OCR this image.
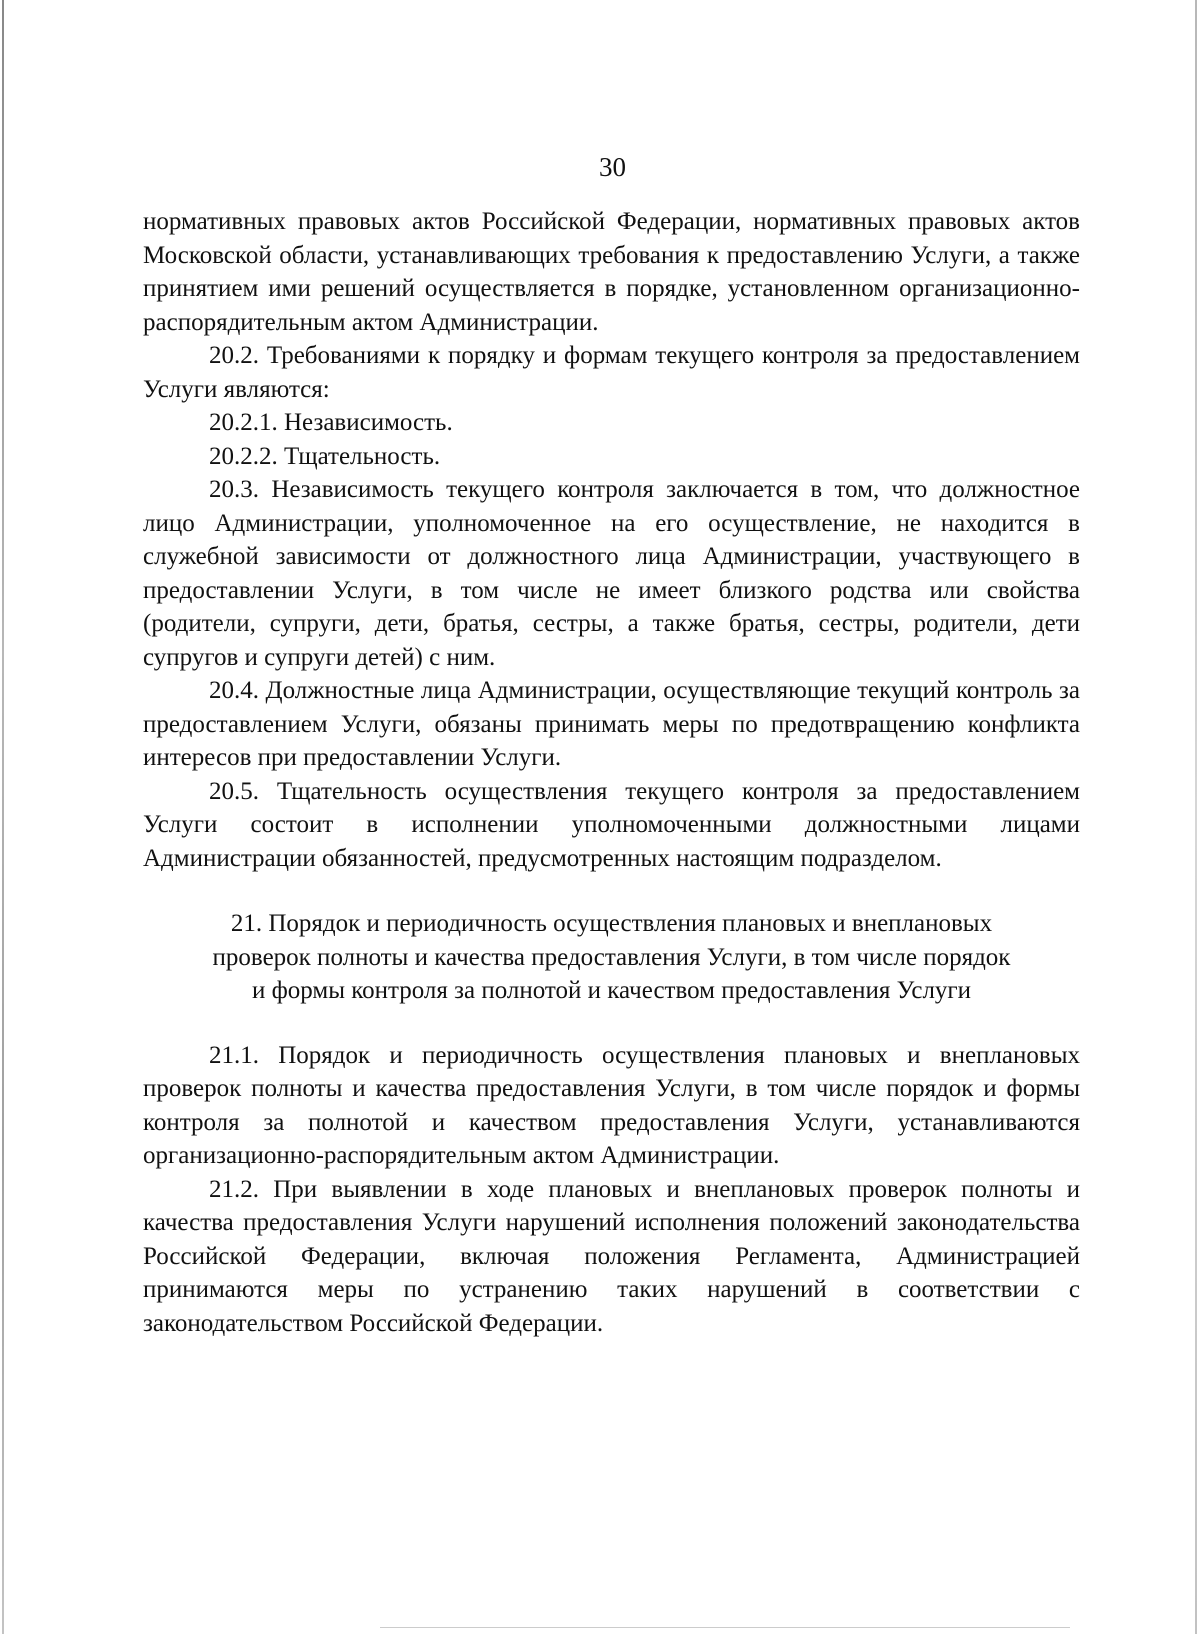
30

нормативных правовых актов Российской Федерации, нормативных правовых актов Московской области, устанавливающих требования к предоставлению Услуги, а также принятием ими решений осуществляется в порядке, установленном организационно-распорядительным актом Администрации.

20.2. Требованиями к порядку и формам текущего контроля за предоставлением Услуги являются:

20.2.1. Независимость.

20.2.2. Тщательность.

20.3. Независимость текущего контроля заключается в том, что должностное лицо Администрации, уполномоченное на его осуществление, не находится в служебной зависимости от должностного лица Администрации, участвующего в предоставлении Услуги, в том числе не имеет близкого родства или свойства (родители, супруги, дети, братья, сестры, а также братья, сестры, родители, дети супругов и супруги детей) с ним.

20.4. Должностные лица Администрации, осуществляющие текущий контроль за предоставлением Услуги, обязаны принимать меры по предотвращению конфликта интересов при предоставлении Услуги.

20.5. Тщательность осуществления текущего контроля за предоставлением Услуги состоит в исполнении уполномоченными должностными лицами Администрации обязанностей, предусмотренных настоящим подразделом.

21. Порядок и периодичность осуществления плановых и внеплановых
проверок полноты и качества предоставления Услуги, в том числе порядок
и формы контроля за полнотой и качеством предоставления Услуги

21.1. Порядок и периодичность осуществления плановых и внеплановых проверок полноты и качества предоставления Услуги, в том числе порядок и формы контроля за полнотой и качеством предоставления Услуги, устанавливаются организационно-распорядительным актом Администрации.

21.2. При выявлении в ходе плановых и внеплановых проверок полноты и качества предоставления Услуги нарушений исполнения положений законодательства Российской Федерации, включая положения Регламента, Администрацией принимаются меры по устранению таких нарушений в соответствии с законодательством Российской Федерации.
